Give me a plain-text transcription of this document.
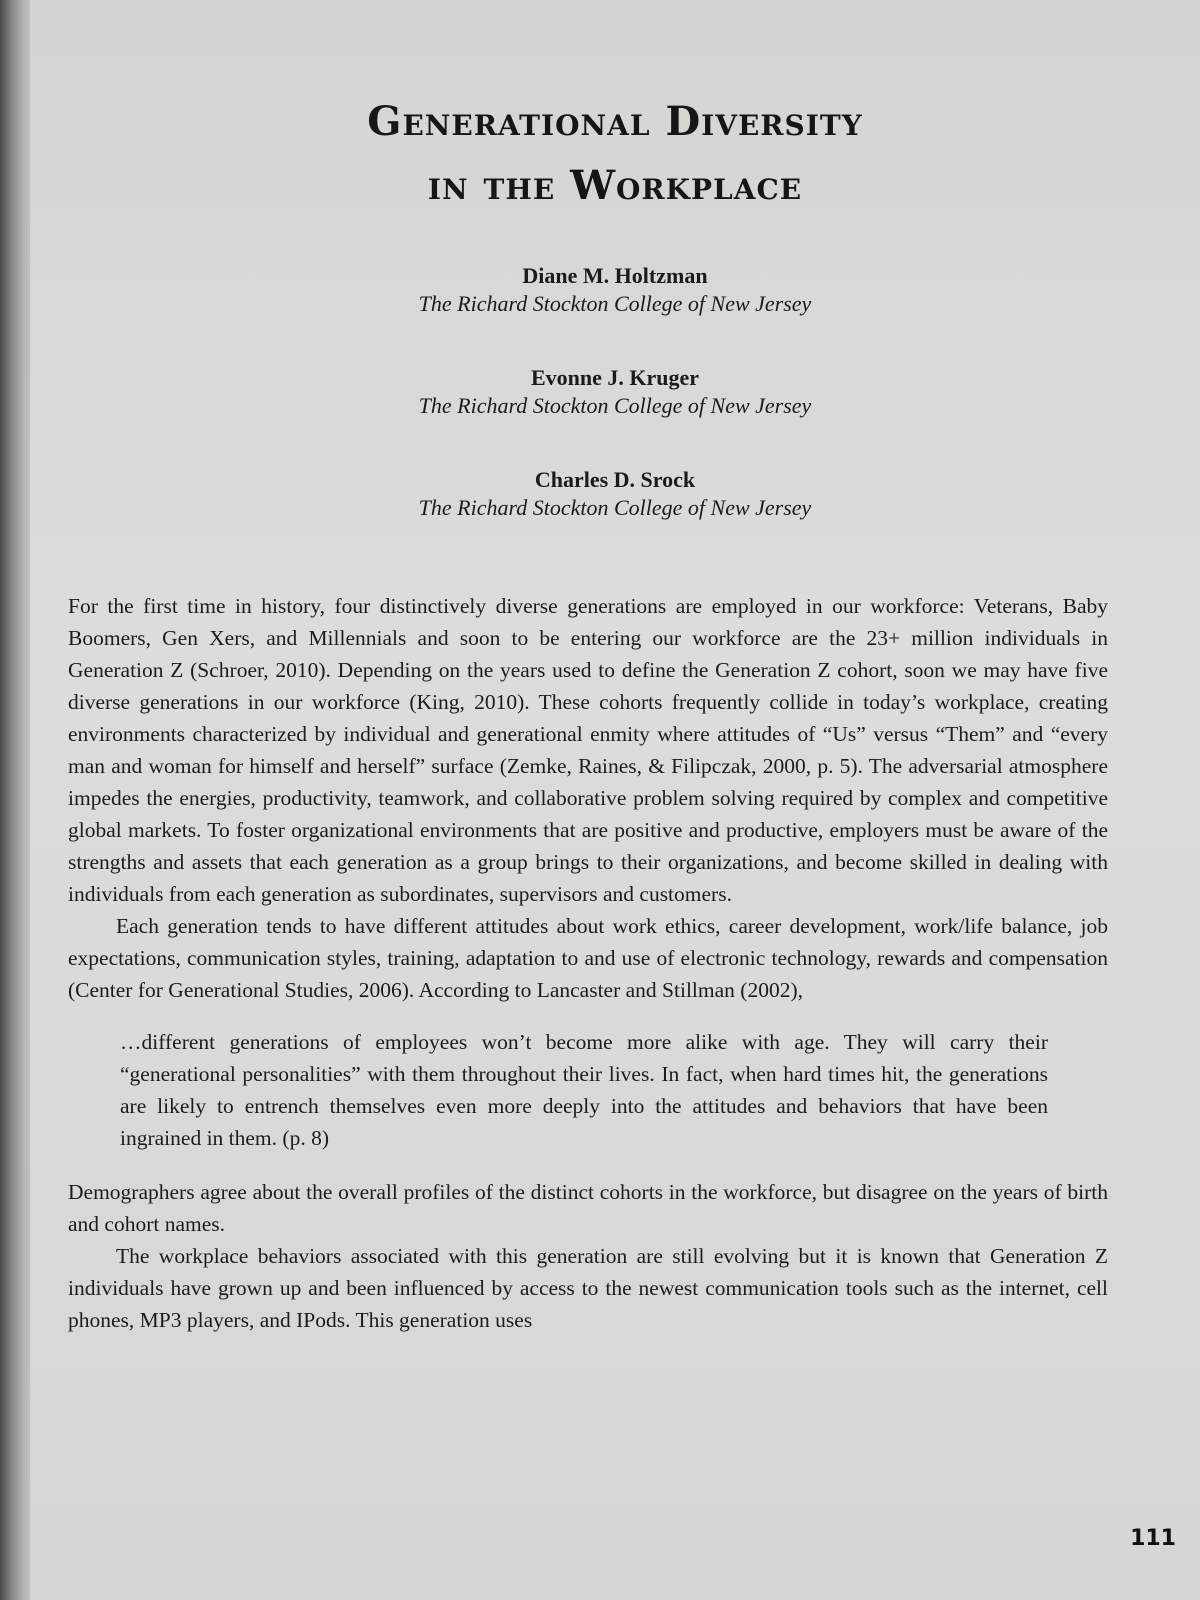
Generational Diversity
in the Workplace
Diane M. Holtzman
The Richard Stockton College of New Jersey
Evonne J. Kruger
The Richard Stockton College of New Jersey
Charles D. Srock
The Richard Stockton College of New Jersey

For the first time in history, four distinctively diverse generations are employed in our workforce: Veterans, Baby Boomers, Gen Xers, and Millennials and soon to be entering our workforce are the 23+ million individuals in Generation Z (Schroer, 2010). Depending on the years used to define the Generation Z cohort, soon we may have five diverse generations in our workforce (King, 2010). These cohorts frequently collide in today’s workplace, creating environments characterized by individual and generational enmity where attitudes of “Us” versus “Them” and “every man and woman for himself and herself” surface (Zemke, Raines, & Filipczak, 2000, p. 5). The adversarial atmosphere impedes the energies, productivity, teamwork, and collaborative problem solving required by complex and competitive global markets. To foster organizational environments that are positive and productive, employers must be aware of the strengths and assets that each generation as a group brings to their organizations, and become skilled in dealing with individuals from each generation as subordinates, supervisors and customers.

Each generation tends to have different attitudes about work ethics, career development, work/life balance, job expectations, communication styles, training, adaptation to and use of electronic technology, rewards and compensation (Center for Generational Studies, 2006). According to Lancaster and Stillman (2002),

…different generations of employees won’t become more alike with age. They will carry their “generational personalities” with them throughout their lives. In fact, when hard times hit, the generations are likely to entrench themselves even more deeply into the attitudes and behaviors that have been ingrained in them. (p. 8)

Demographers agree about the overall profiles of the distinct cohorts in the workforce, but disagree on the years of birth and cohort names.

The workplace behaviors associated with this generation are still evolving but it is known that Generation Z individuals have grown up and been influenced by access to the newest communication tools such as the internet, cell phones, MP3 players, and IPods. This generation uses

111
